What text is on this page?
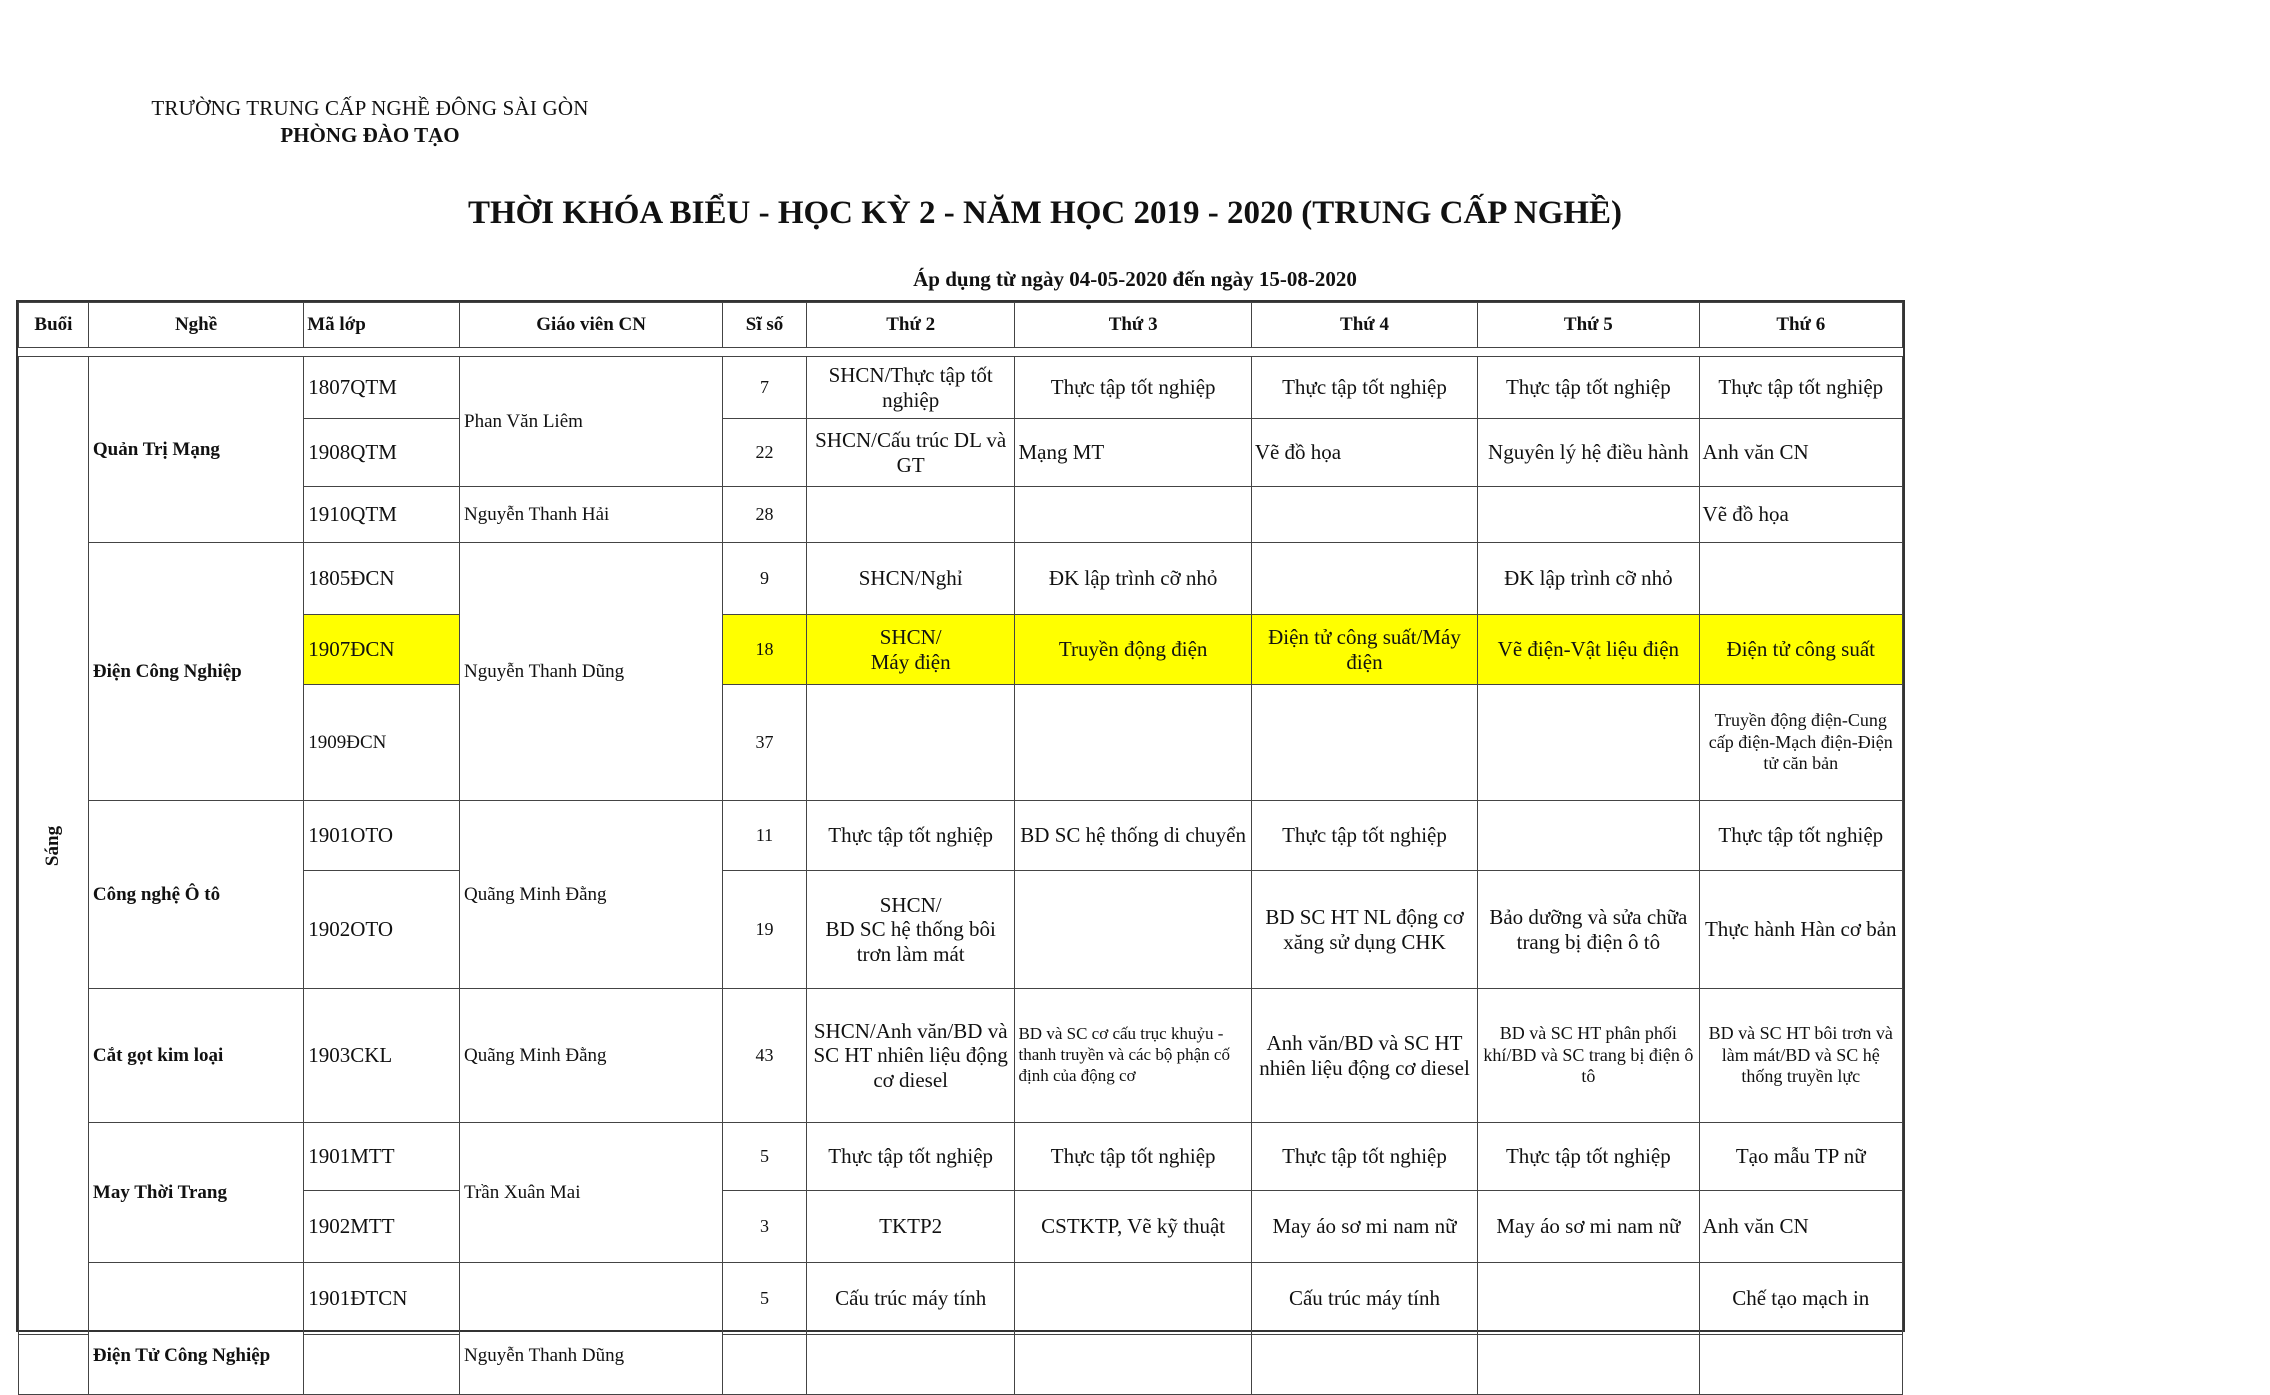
TRƯỜNG TRUNG CẤP NGHỀ ĐÔNG SÀI GÒN
PHÒNG ĐÀO TẠO
THỜI KHÓA BIỂU - HỌC KỲ 2 - NĂM HỌC 2019 - 2020 (TRUNG CẤP NGHỀ)
Áp dụng từ ngày 04-05-2020 đến ngày 15-08-2020
Buổi	Nghề	Mã lớp	Giáo viên CN	Sĩ số	Thứ 2	Thứ 3	Thứ 4	Thứ 5	Thứ 6

Sáng	Quản Trị Mạng	1807QTM	Phan Văn Liêm	7	SHCN/Thực tập tốt nghiệp	Thực tập tốt nghiệp	Thực tập tốt nghiệp	Thực tập tốt nghiệp	Thực tập tốt nghiệp
		1908QTM		22	SHCN/Cấu trúc DL và GT	Mạng MT	Vẽ đồ họa	Nguyên lý hệ điều hành	Anh văn CN
		1910QTM	Nguyễn Thanh Hải	28					Vẽ đồ họa
	Điện Công Nghiệp	1805ĐCN	Nguyễn Thanh Dũng	9	SHCN/Nghỉ	ĐK lập trình cỡ nhỏ		ĐK lập trình cỡ nhỏ	
		1907ĐCN		18	SHCN/
Máy điện	Truyền động điện	Điện tử công suất/Máy điện	Vẽ điện-Vật liệu điện	Điện tử công suất
		1909ĐCN		37					Truyền động điện-Cung cấp điện-Mạch điện-Điện tử căn bản
	Công nghệ Ô tô	1901OTO	Quãng Minh Đằng	11	Thực tập tốt nghiệp	BD SC hệ thống di chuyển	Thực tập tốt nghiệp		Thực tập tốt nghiệp
		1902OTO		19	SHCN/
BD SC hệ thống bôi trơn làm mát		BD SC HT NL động cơ xăng sử dụng CHK	Bảo dưỡng và sửa chữa trang bị điện ô tô	Thực hành Hàn cơ bản
	Cắt gọt kim loại	1903CKL	Quãng Minh Đằng	43	SHCN/Anh văn/BD và SC HT nhiên liệu động cơ diesel	BD và SC cơ cấu trục khuỷu - thanh truyền và các bộ phận cố định của động cơ	Anh văn/BD và SC HT nhiên liệu động cơ diesel	BD và SC HT phân phối khí/BD và SC trang bị điện ô tô	BD và SC HT bôi trơn và làm mát/BD và SC hệ thống truyền lực
	May Thời Trang	1901MTT	Trần Xuân Mai	5	Thực tập tốt nghiệp	Thực tập tốt nghiệp	Thực tập tốt nghiệp	Thực tập tốt nghiệp	Tạo mẫu TP nữ
		1902MTT		3	TKTP2	CSTKTP, Vẽ kỹ thuật	May áo sơ mi nam nữ	May áo sơ mi nam nữ	Anh văn CN
	Điện Tử Công Nghiệp	1901ĐTCN	Nguyễn Thanh Dũng	5	Cấu trúc máy tính		Cấu trúc máy tính		Chế tạo mạch in
